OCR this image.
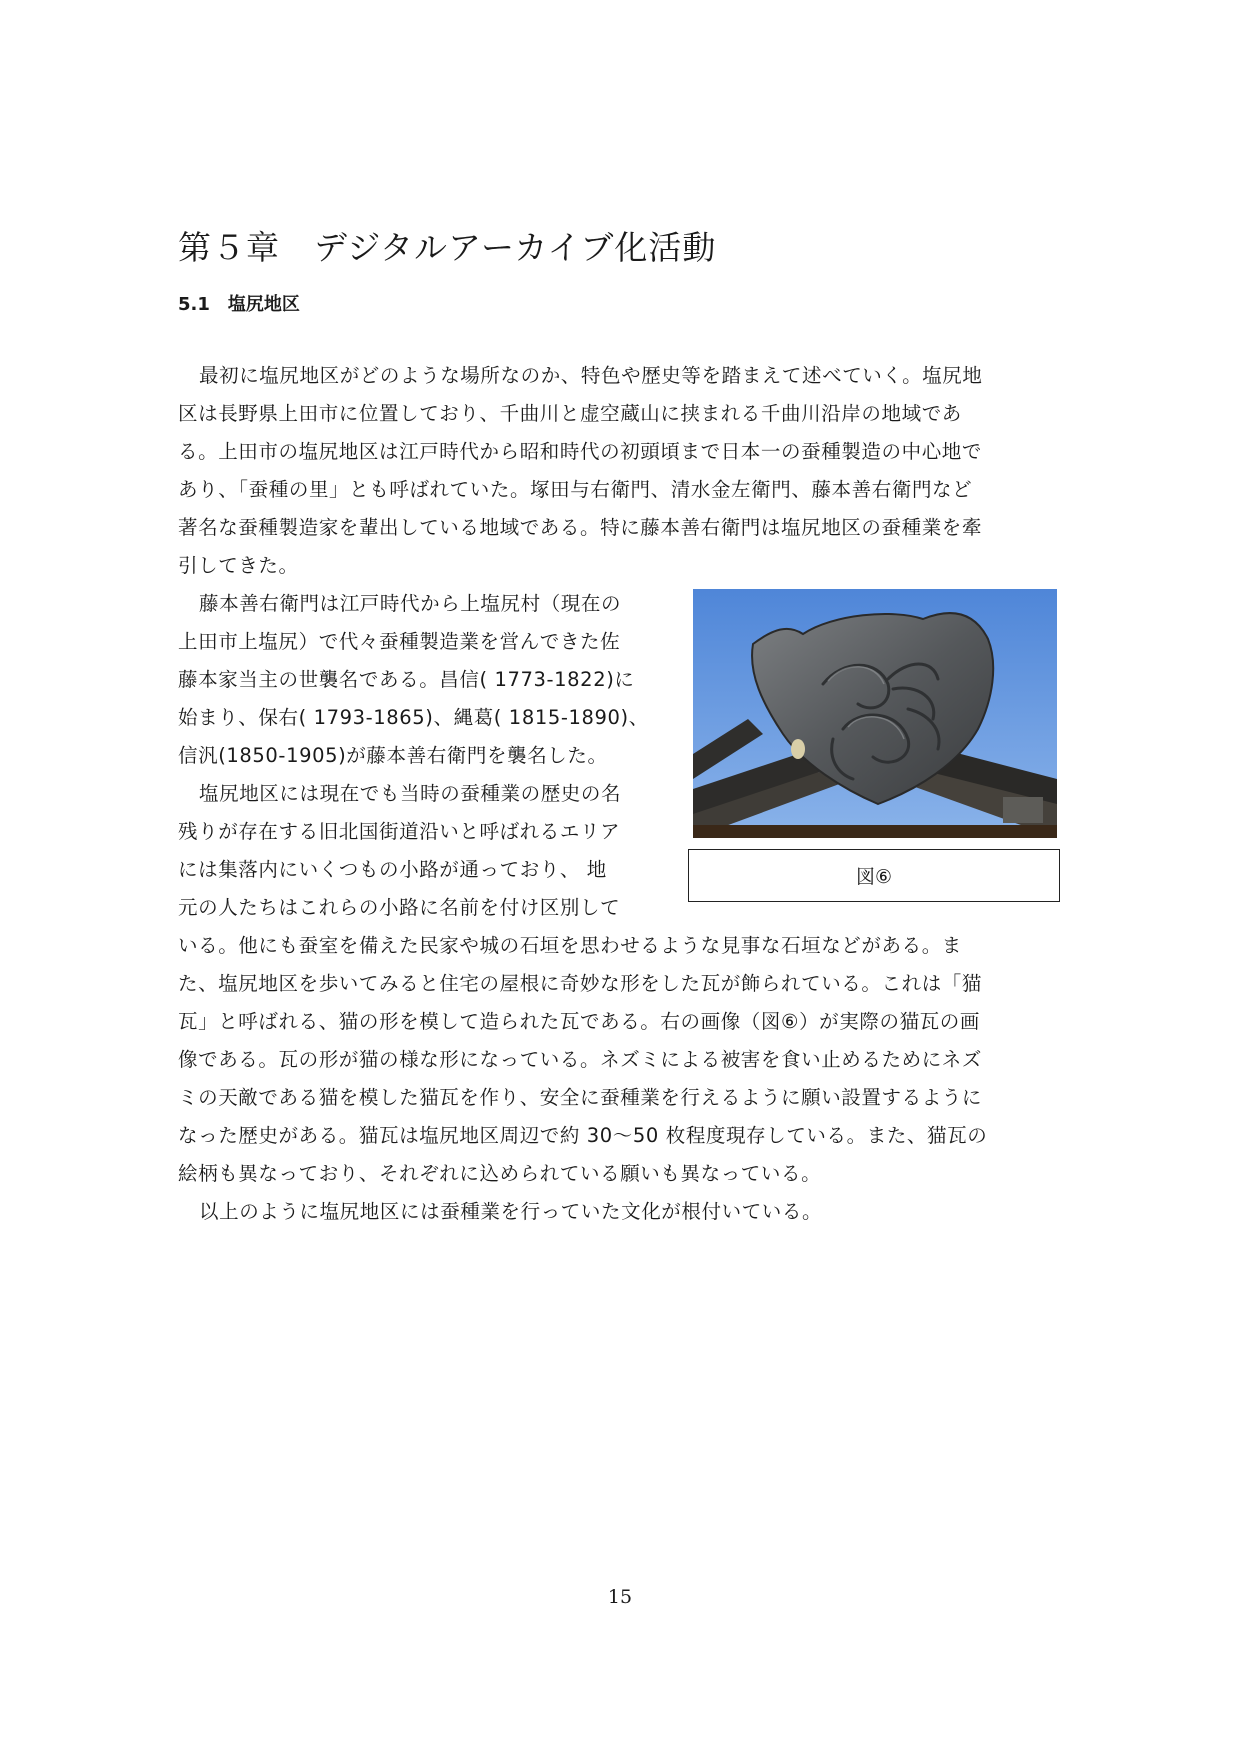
第５章　デジタルアーカイブ化活動
5.1　塩尻地区
最初に塩尻地区がどのような場所なのか、特色や歴史等を踏まえて述べていく。塩尻地
区は長野県上田市に位置しており、千曲川と虚空蔵山に挟まれる千曲川沿岸の地域であ
る。上田市の塩尻地区は江戸時代から昭和時代の初頭頃まで日本一の蚕種製造の中心地で
あり、「蚕種の里」とも呼ばれていた。塚田与右衛門、清水金左衛門、藤本善右衛門など
著名な蚕種製造家を輩出している地域である。特に藤本善右衛門は塩尻地区の蚕種業を牽
引してきた。
藤本善右衛門は江戸時代から上塩尻村（現在の
上田市上塩尻）で代々蚕種製造業を営んできた佐
藤本家当主の世襲名である。昌信( 1773-1822)に
始まり、保右( 1793-1865)、縄葛( 1815-1890)、
信汎(1850-1905)が藤本善右衛門を襲名した。
塩尻地区には現在でも当時の蚕種業の歴史の名
残りが存在する旧北国街道沿いと呼ばれるエリア
には集落内にいくつもの小路が通っており、 地
元の人たちはこれらの小路に名前を付け区別して
いる。他にも蚕室を備えた民家や城の石垣を思わせるような見事な石垣などがある。ま
た、塩尻地区を歩いてみると住宅の屋根に奇妙な形をした瓦が飾られている。これは「猫
瓦」と呼ばれる、猫の形を模して造られた瓦である。右の画像（図⑥）が実際の猫瓦の画
像である。瓦の形が猫の様な形になっている。ネズミによる被害を食い止めるためにネズ
ミの天敵である猫を模した猫瓦を作り、安全に蚕種業を行えるように願い設置するように
なった歴史がある。猫瓦は塩尻地区周辺で約 30〜50 枚程度現存している。また、猫瓦の
絵柄も異なっており、それぞれに込められている願いも異なっている。
以上のように塩尻地区には蚕種業を行っていた文化が根付いている。
図⑥
15
